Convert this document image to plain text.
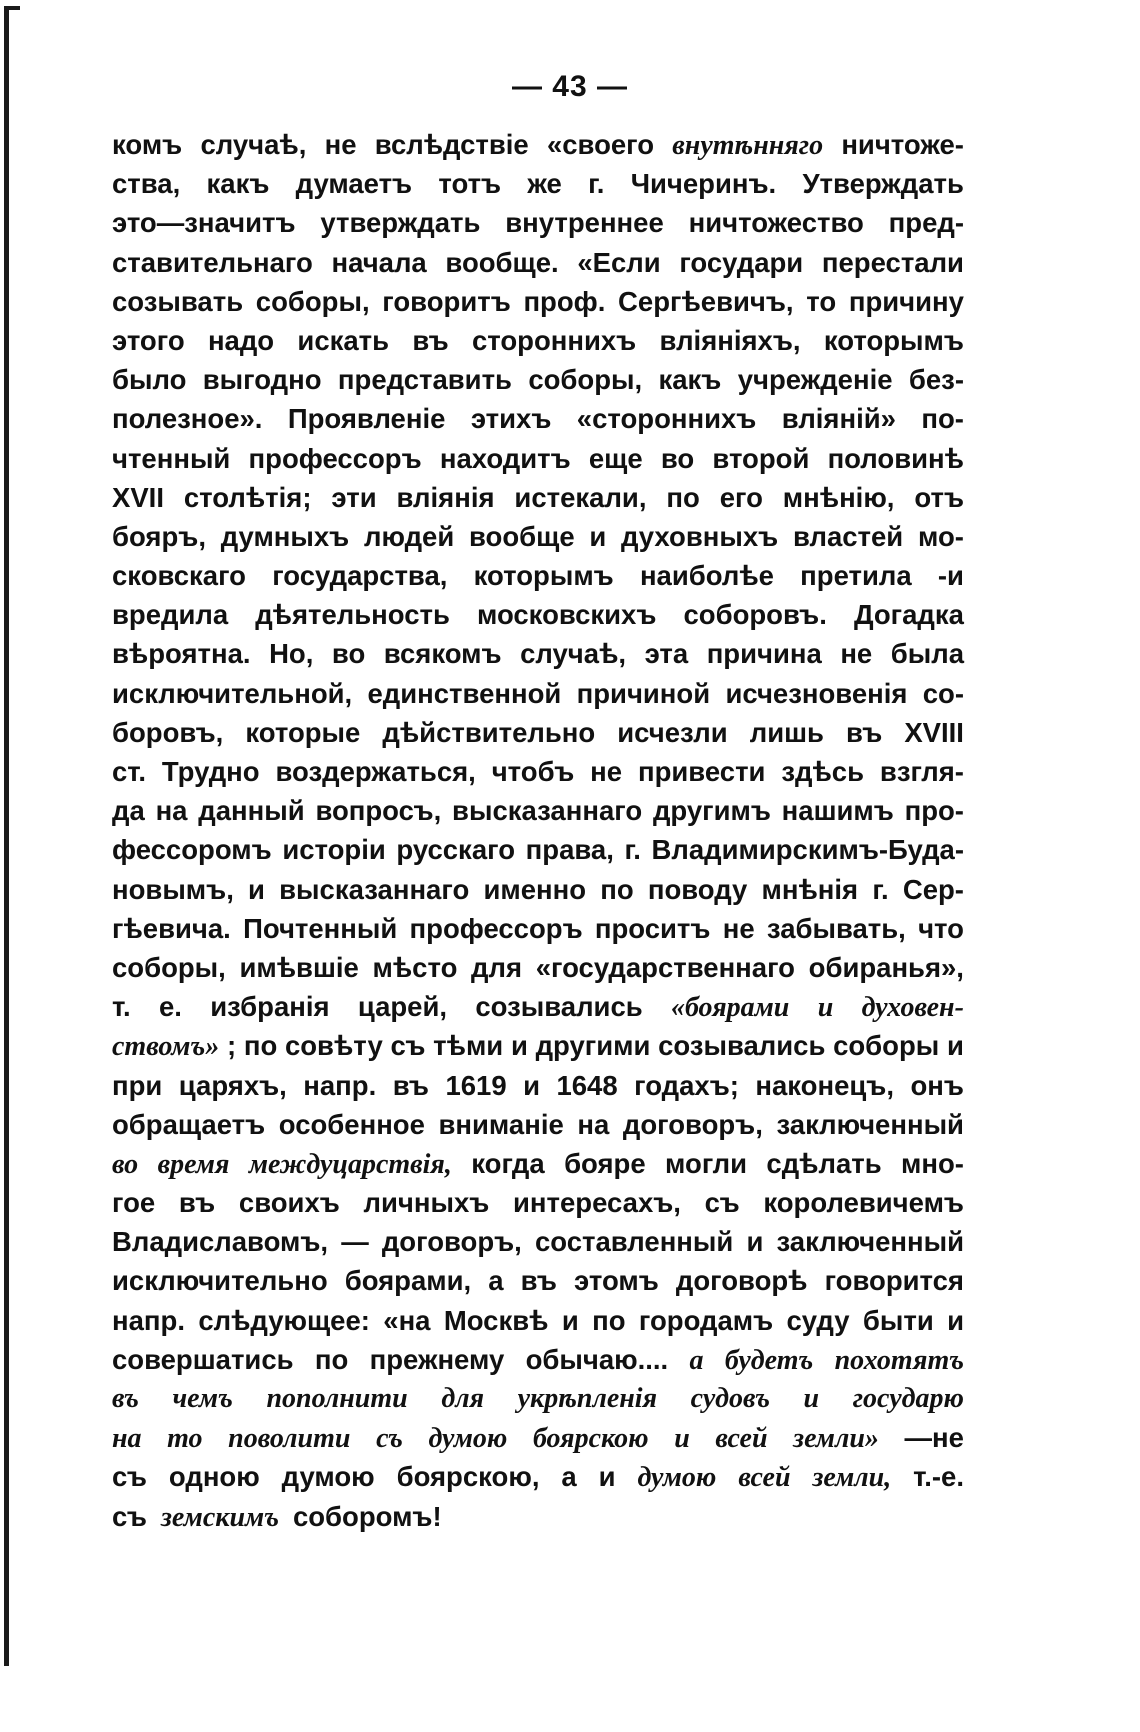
— 43 —
комъ случаѣ, не вслѣдствіе «своего внутѣнняго ничтоже-
ства, какъ думаетъ тотъ же г. Чичеринъ. Утверждать
это—значитъ утверждать внутреннее ничтожество пред-
ставительнаго начала вообще. «Если государи перестали
созывать соборы, говоритъ проф. Сергѣевичъ, то причину
этого надо искать въ стороннихъ вліяніяхъ, которымъ
было выгодно представить соборы, какъ учрежденіе без-
полезное». Проявленіе этихъ «стороннихъ вліяній» по-
чтенный профессоръ находитъ еще во второй половинѣ
XVII столѣтія; эти вліянія истекали, по его мнѣнію, отъ
бояръ, думныхъ людей вообще и духовныхъ властей мо-
сковскаго государства, которымъ наиболѣе претила -и
вредила дѣятельность московскихъ соборовъ. Догадка
вѣроятна. Но, во всякомъ случаѣ, эта причина не была
исключительной, единственной причиной исчезновенія со-
боровъ, которые дѣйствительно исчезли лишь въ XVIII
ст. Трудно воздержаться, чтобъ не привести здѣсь взгля-
да на данный вопросъ, высказаннаго другимъ нашимъ про-
фессоромъ исторіи русскаго права, г. Владимирскимъ-Буда-
новымъ, и высказаннаго именно по поводу мнѣнія г. Сер-
гѣевича. Почтенный профессоръ проситъ не забывать, что
соборы, имѣвшіе мѣсто для «государственнаго обиранья»,
т. е. избранія царей, созывались «боярами и духовен-
ствомъ» ; по совѣту съ тѣми и другими созывались соборы и
при царяхъ, напр. въ 1619 и 1648 годахъ; наконецъ, онъ
обращаетъ особенное вниманіе на договоръ, заключенный
во время междуцарствія, когда бояре могли сдѣлать мно-
гое въ своихъ личныхъ интересахъ, съ королевичемъ
Владиславомъ, — договоръ, составленный и заключенный
исключительно боярами, а въ этомъ договорѣ говорится
напр. слѣдующее: «на Москвѣ и по городамъ суду быти и
совершатись по прежнему обычаю.... а будетъ похотятъ
въ чемъ пополнити для укрѣпленія судовъ и государю
на то поволити съ думою боярскою и всей земли» —не
съ одною думою боярскою, а и думою всей земли, т.-е.
съ земскимъ соборомъ!
